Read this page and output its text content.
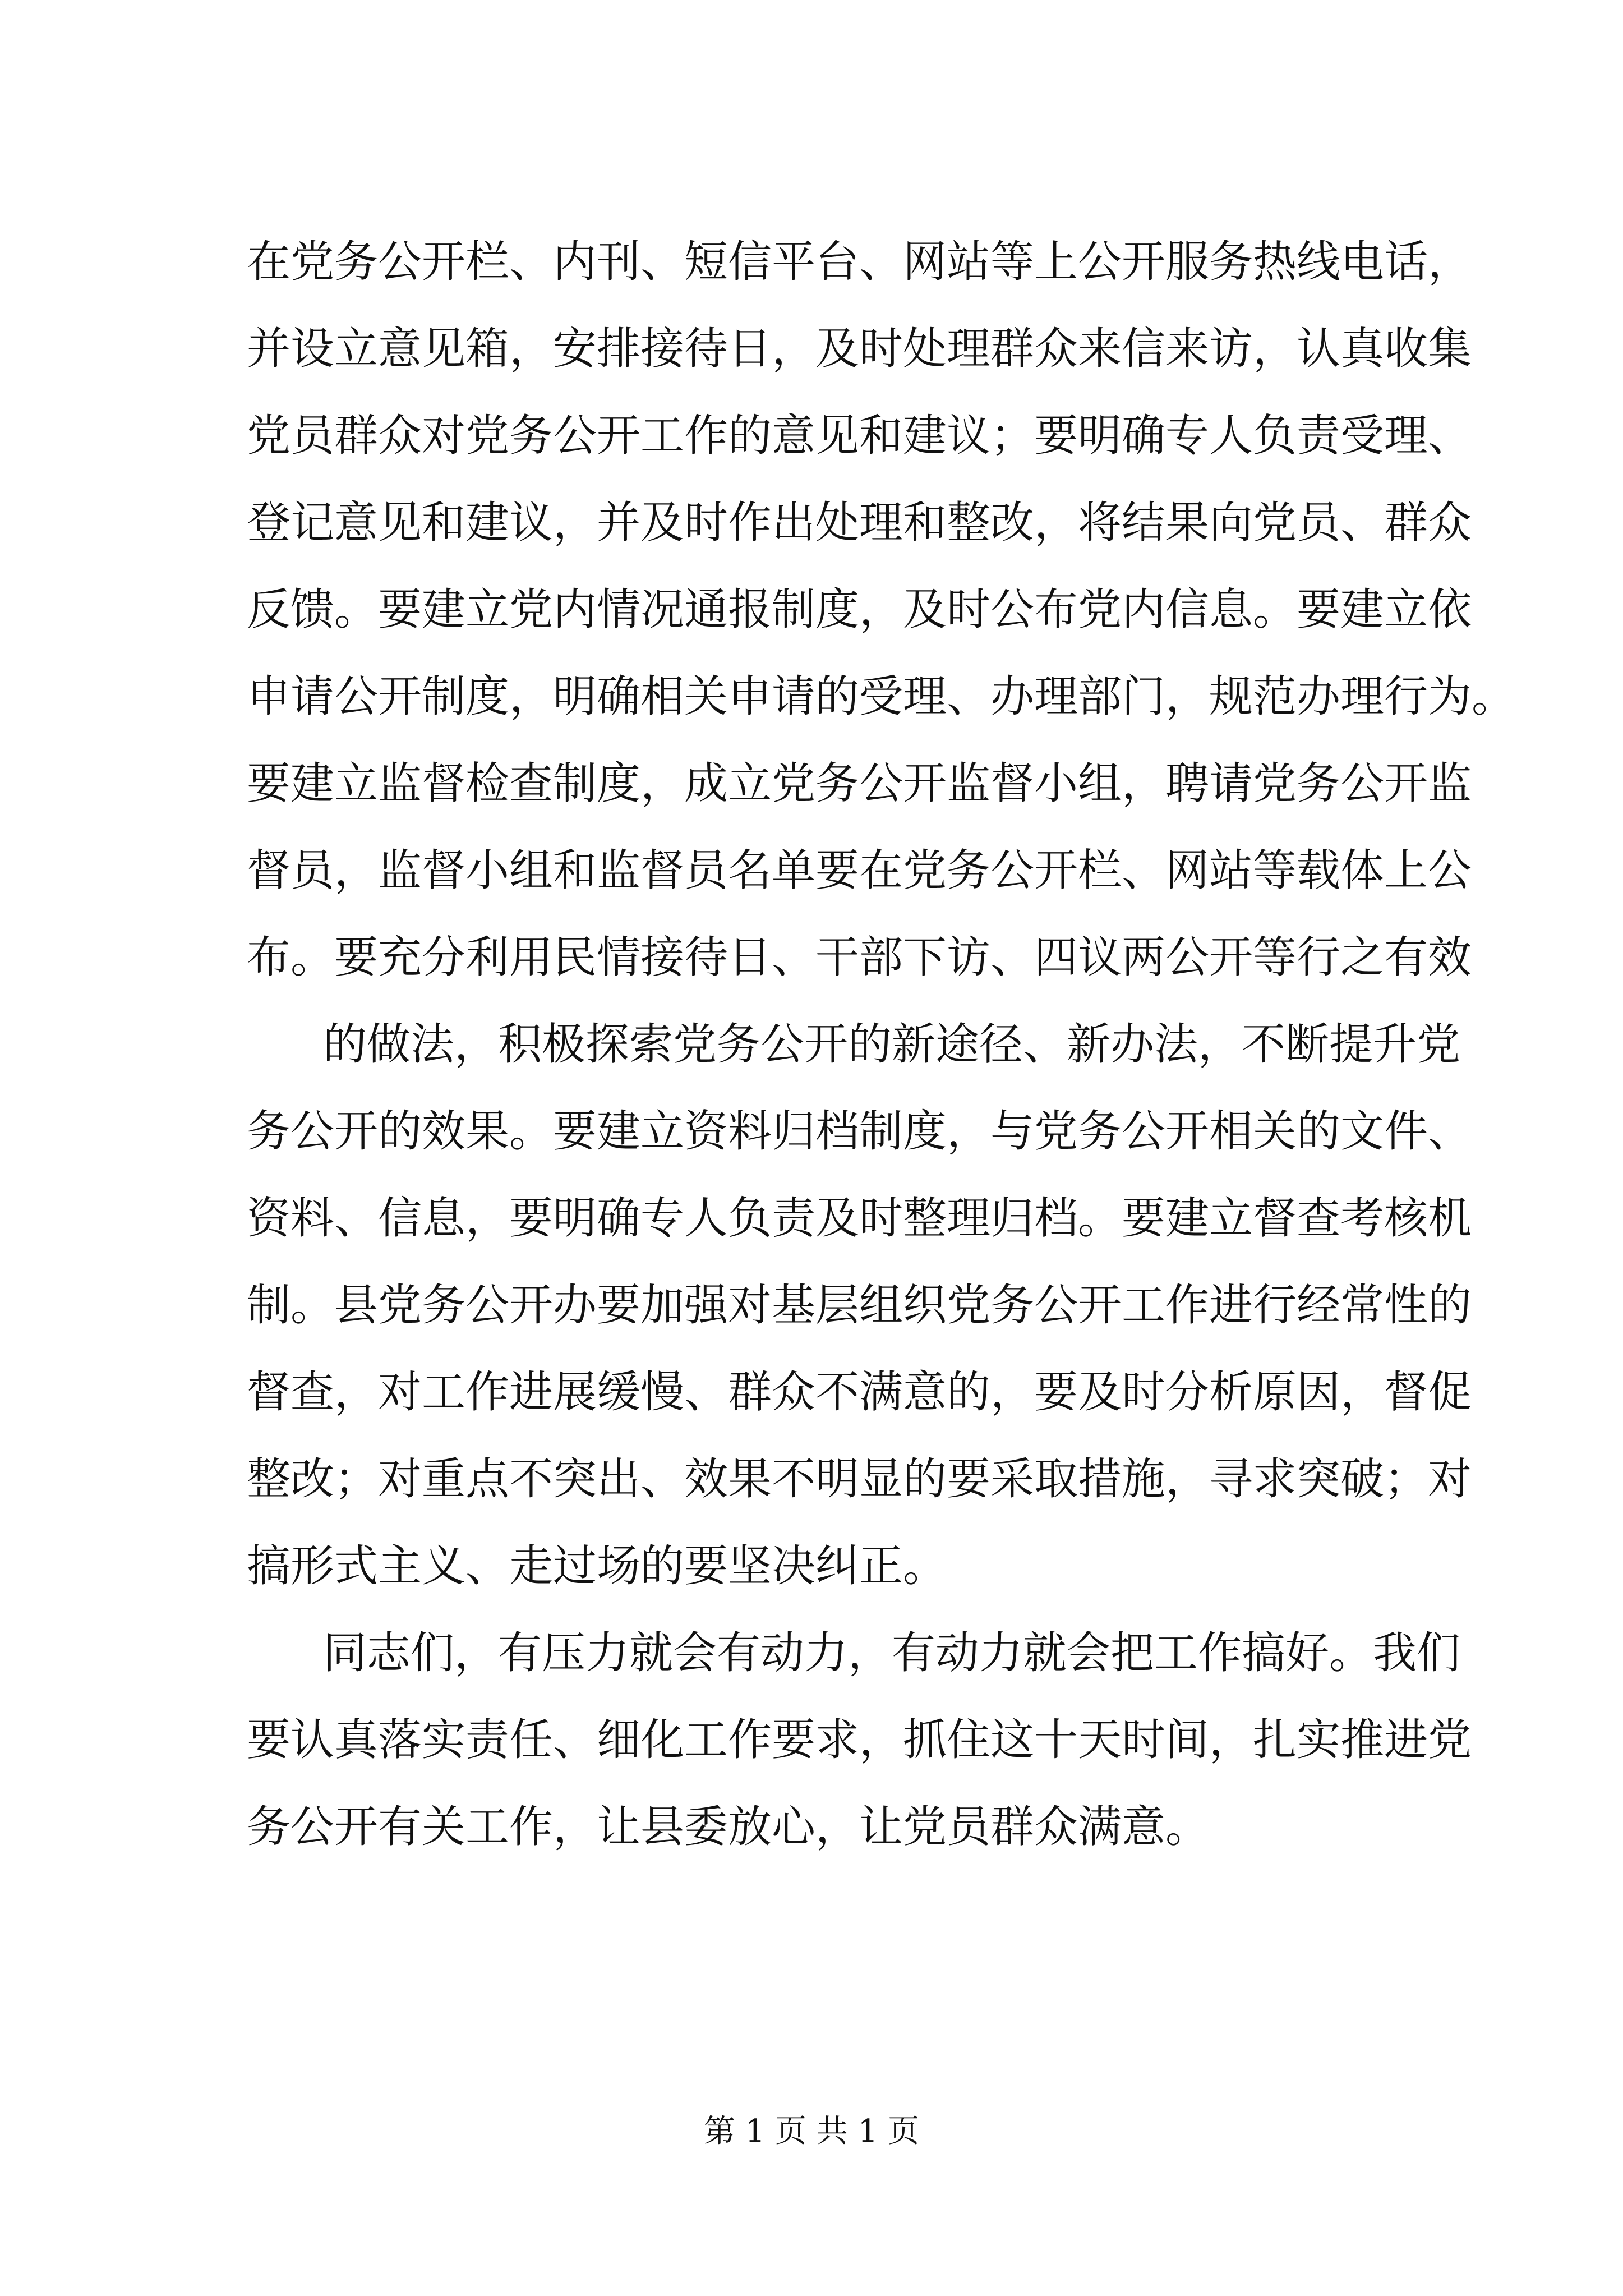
在党务公开栏、内刊、短信平台、网站等上公开服务热线电话，
并设立意见箱，安排接待日，及时处理群众来信来访，认真收集
党员群众对党务公开工作的意见和建议；要明确专人负责受理、
登记意见和建议，并及时作出处理和整改，将结果向党员、群众
反馈。要建立党内情况通报制度，及时公布党内信息。要建立依
申请公开制度，明确相关申请的受理、办理部门，规范办理行为。
要建立监督检查制度，成立党务公开监督小组，聘请党务公开监
督员，监督小组和监督员名单要在党务公开栏、网站等载体上公
布。要充分利用民情接待日、干部下访、四议两公开等行之有效
的做法，积极探索党务公开的新途径、新办法，不断提升党
务公开的效果。要建立资料归档制度，与党务公开相关的文件、
资料、信息，要明确专人负责及时整理归档。要建立督查考核机
制。县党务公开办要加强对基层组织党务公开工作进行经常性的
督查，对工作进展缓慢、群众不满意的，要及时分析原因，督促
整改；对重点不突出、效果不明显的要采取措施，寻求突破；对
搞形式主义、走过场的要坚决纠正。
同志们，有压力就会有动力，有动力就会把工作搞好。我们
要认真落实责任、细化工作要求，抓住这十天时间，扎实推进党
务公开有关工作，让县委放心，让党员群众满意。
第 1 页 共 1 页
